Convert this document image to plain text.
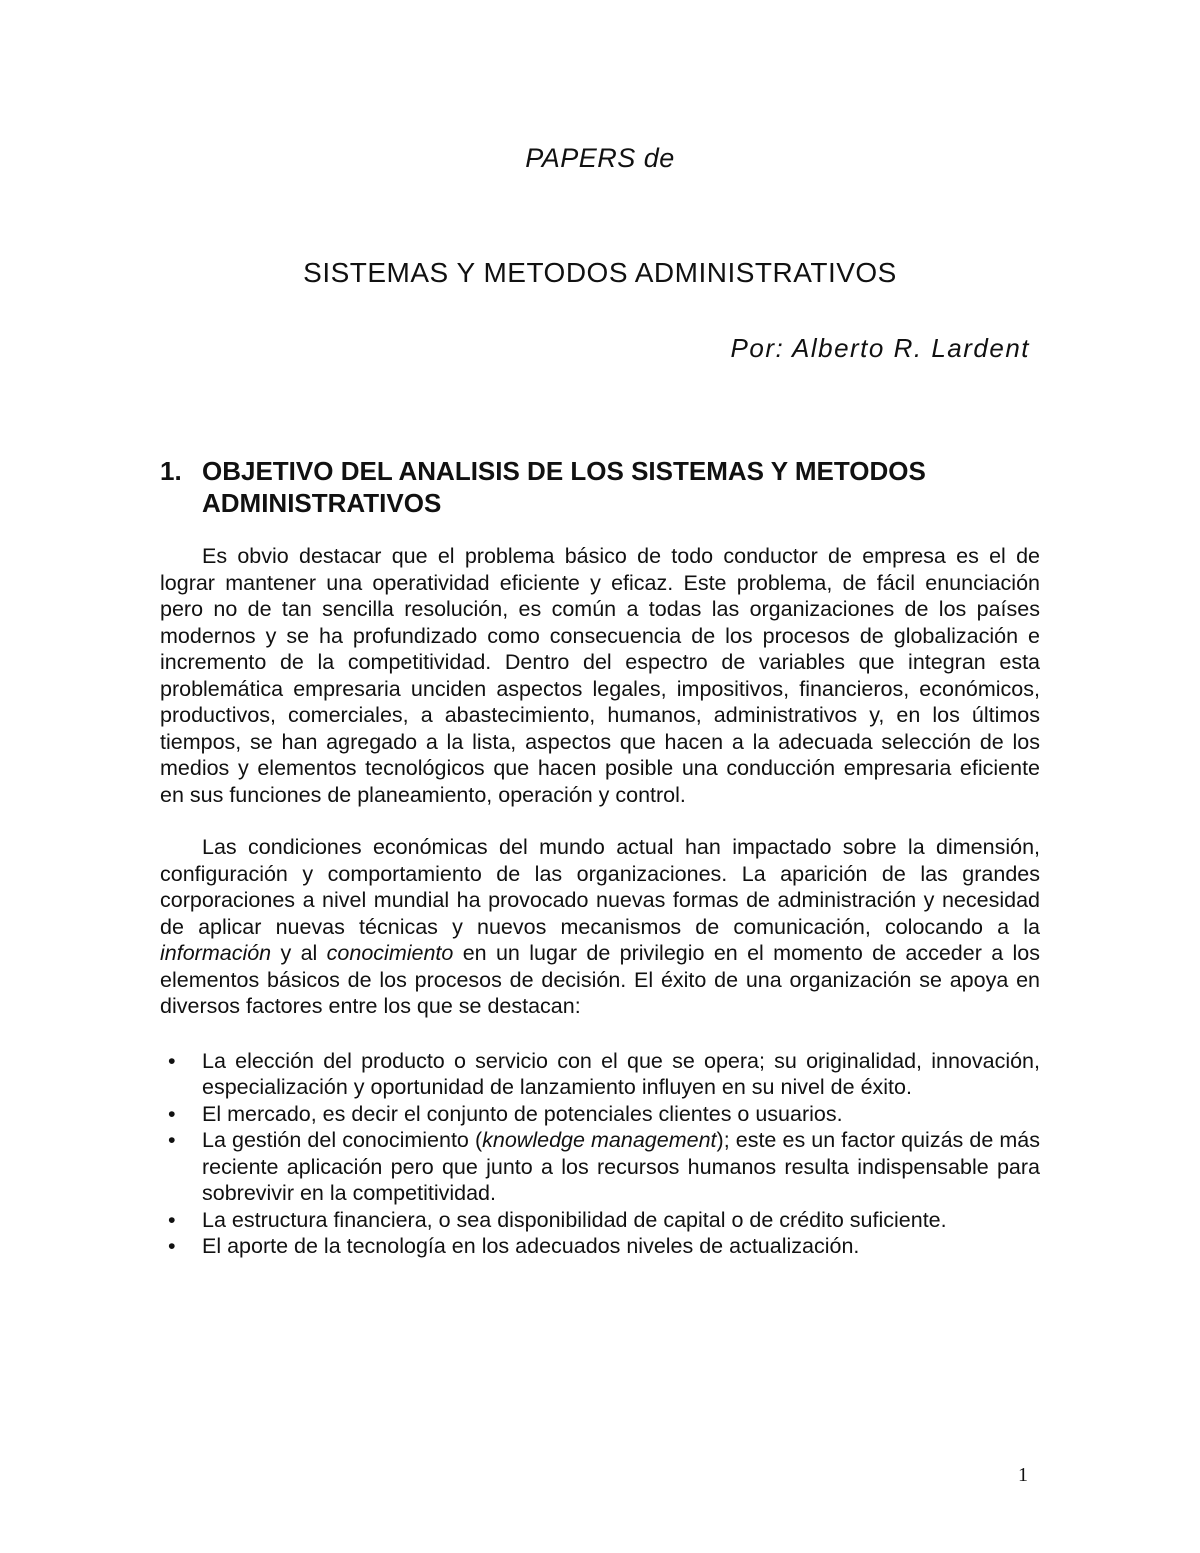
PAPERS de
SISTEMAS Y METODOS ADMINISTRATIVOS
Por: Alberto R. Lardent
1. OBJETIVO DEL ANALISIS DE LOS SISTEMAS Y METODOS ADMINISTRATIVOS

Es obvio destacar que el problema básico de todo conductor de empresa es el de lograr mantener una operatividad eficiente y eficaz. Este problema, de fácil enunciación pero no de tan sencilla resolución, es común a todas las organizaciones de los países modernos y se ha profundizado como consecuencia de los procesos de globalización e incremento de la competitividad. Dentro del espectro de variables que integran esta problemática empresaria unciden aspectos legales, impositivos, financieros, económicos, productivos, comerciales, a abastecimiento, humanos, administrativos y, en los últimos tiempos, se han agregado a la lista, aspectos que hacen a la adecuada selección de los medios y elementos tecnológicos que hacen posible una conducción empresaria eficiente en sus funciones de planeamiento, operación y control.

Las condiciones económicas del mundo actual han impactado sobre la dimensión, configuración y comportamiento de las organizaciones. La aparición de las grandes corporaciones a nivel mundial ha provocado nuevas formas de administración y necesidad de aplicar nuevas técnicas y nuevos mecanismos de comunicación, colocando a la información y al conocimiento en un lugar de privilegio en el momento de acceder a los elementos básicos de los procesos de decisión. El éxito de una organización se apoya en diversos factores entre los que se destacan:

•	La elección del producto o servicio con el que se opera; su originalidad, innovación, especialización y oportunidad de lanzamiento influyen en su nivel de éxito.
•	El mercado, es decir el conjunto de potenciales clientes o usuarios.
•	La gestión del conocimiento (knowledge management); este es un factor quizás de más reciente aplicación pero que junto a los recursos humanos resulta indispensable para sobrevivir en la competitividad.
•	La estructura financiera, o sea disponibilidad de capital o de crédito suficiente.
•	El aporte de la tecnología en los adecuados niveles de actualización.
1
